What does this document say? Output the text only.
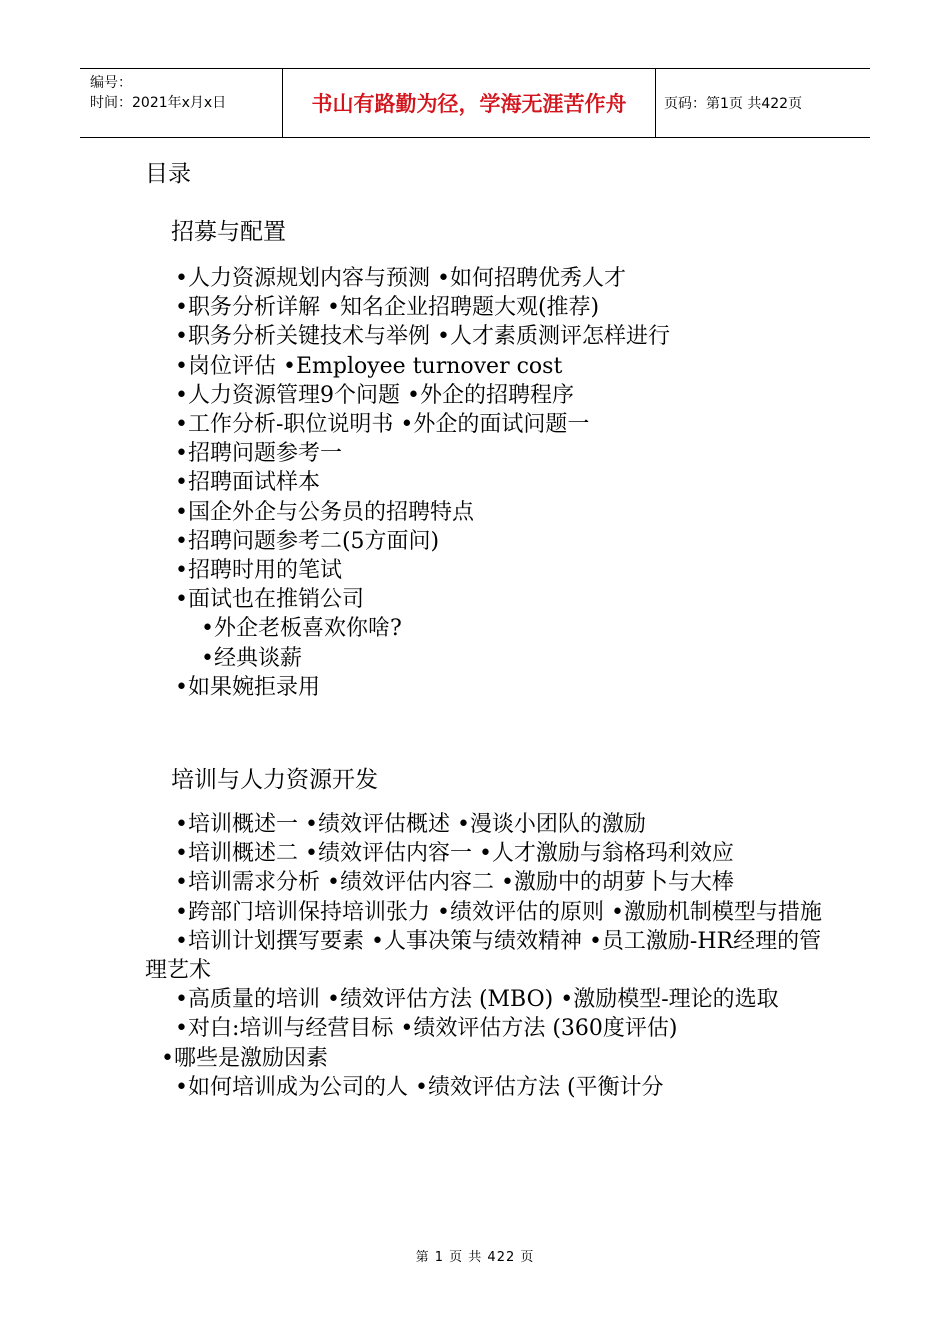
编号：
时间：2021年x月x日	书山有路勤为径，学海无涯苦作舟	页码：第1页 共422页
目录
招募与配置
•人力资源规划内容与预测 •如何招聘优秀人才
•职务分析详解 •知名企业招聘题大观(推荐)
•职务分析关键技术与举例 •人才素质测评怎样进行
•岗位评估 •Employee turnover cost
•人力资源管理9个问题 •外企的招聘程序
•工作分析-职位说明书 •外企的面试问题一
•招聘问题参考一
•招聘面试样本
•国企外企与公务员的招聘特点
•招聘问题参考二(5方面问)
•招聘时用的笔试
•面试也在推销公司
•外企老板喜欢你啥?
•经典谈薪
•如果婉拒录用
培训与人力资源开发
•培训概述一 •绩效评估概述 •漫谈小团队的激励
•培训概述二 •绩效评估内容一 •人才激励与翁格玛利效应
•培训需求分析 •绩效评估内容二 •激励中的胡萝卜与大棒
•跨部门培训保持培训张力 •绩效评估的原则 •激励机制模型与措施
•培训计划撰写要素 •人事决策与绩效精神 •员工激励-HR经理的管理艺术
•高质量的培训 •绩效评估方法 (MBO) •激励模型-理论的选取
•对白:培训与经营目标 •绩效评估方法 (360度评估)
•哪些是激励因素
•如何培训成为公司的人 •绩效评估方法 (平衡计分
第 1 页 共 422 页
